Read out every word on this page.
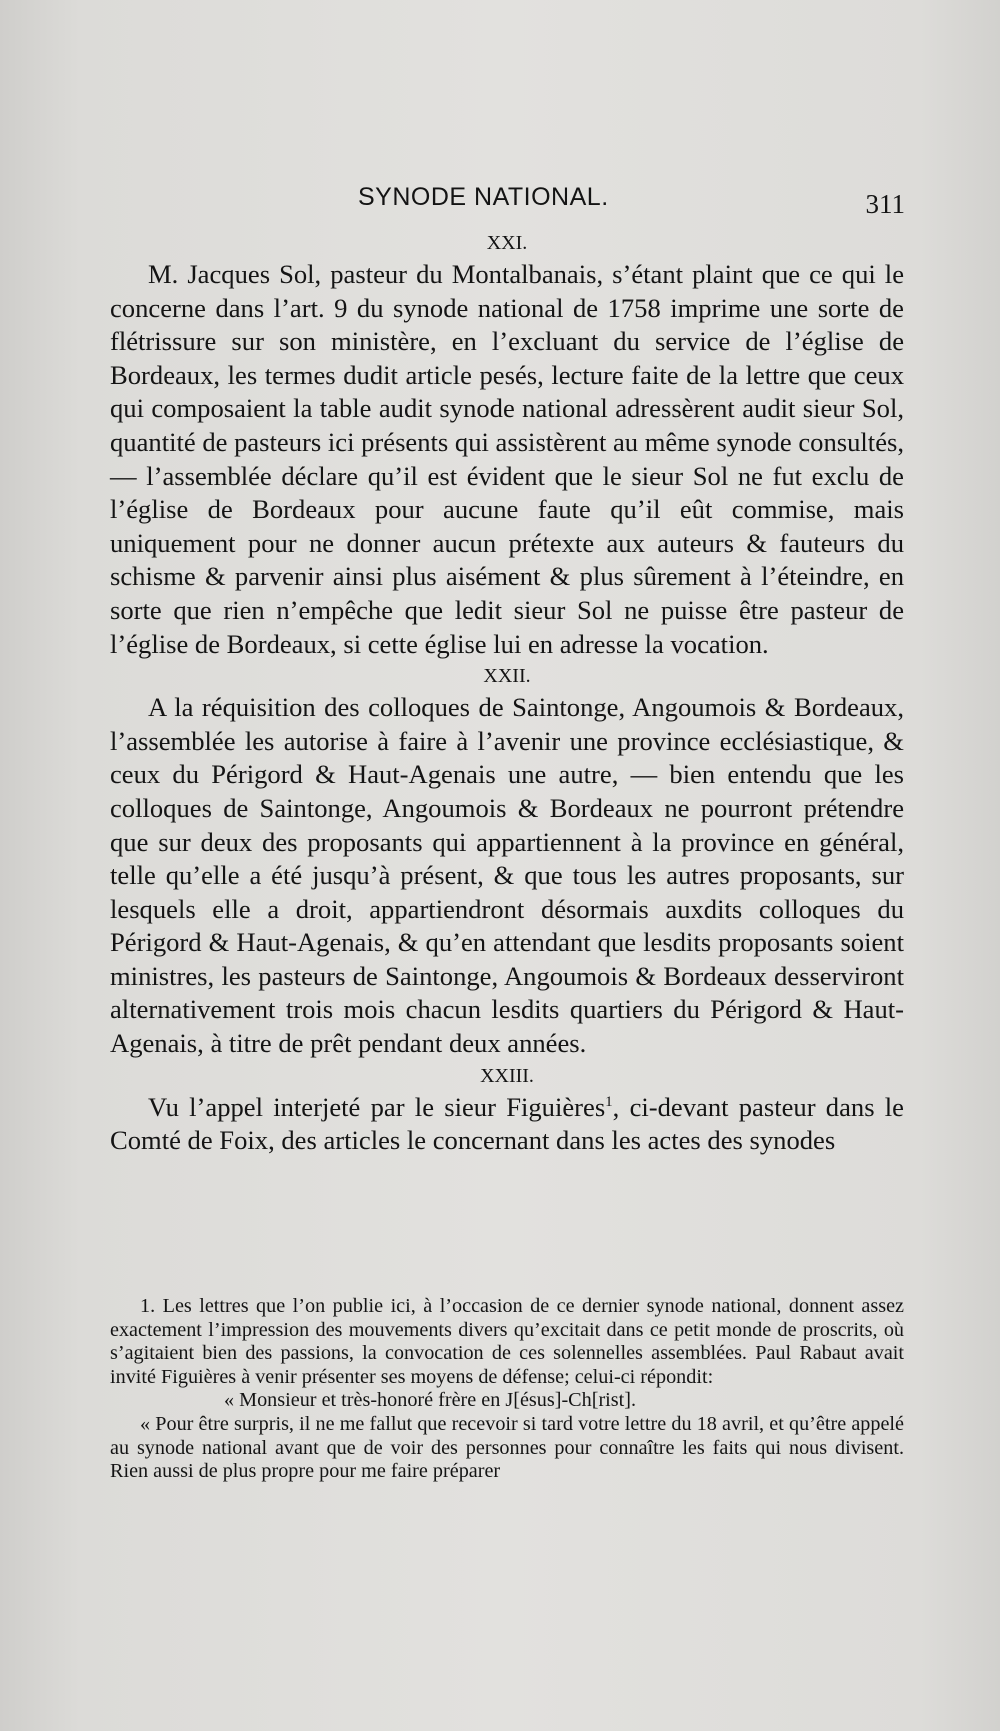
SYNODE NATIONAL.	311

XXI.

M. Jacques Sol, pasteur du Montalbanais, s’étant plaint que ce qui le concerne dans l’art. 9 du synode national de 1758 imprime une sorte de flétrissure sur son ministère, en l’excluant du service de l’église de Bordeaux, les termes dudit article pesés, lecture faite de la lettre que ceux qui composaient la table audit synode national adressèrent audit sieur Sol, quantité de pasteurs ici présents qui assistèrent au même synode consultés, — l’assemblée déclare qu’il est évident que le sieur Sol ne fut exclu de l’église de Bordeaux pour aucune faute qu’il eût commise, mais uniquement pour ne donner aucun prétexte aux auteurs & fauteurs du schisme & parvenir ainsi plus aisément & plus sûrement à l’éteindre, en sorte que rien n’empêche que ledit sieur Sol ne puisse être pasteur de l’église de Bordeaux, si cette église lui en adresse la vocation.

XXII.

A la réquisition des colloques de Saintonge, Angoumois & Bordeaux, l’assemblée les autorise à faire à l’avenir une province ecclésiastique, & ceux du Périgord & Haut-Agenais une autre, — bien entendu que les colloques de Saintonge, Angoumois & Bordeaux ne pourront prétendre que sur deux des proposants qui appartiennent à la province en général, telle qu’elle a été jusqu’à présent, & que tous les autres proposants, sur lesquels elle a droit, appartiendront désormais auxdits colloques du Périgord & Haut-Agenais, & qu’en attendant que lesdits proposants soient ministres, les pasteurs de Saintonge, Angoumois & Bordeaux desserviront alternativement trois mois chacun lesdits quartiers du Périgord & Haut-Agenais, à titre de prêt pendant deux années.

XXIII.

Vu l’appel interjeté par le sieur Figuières$^1$, ci-devant pasteur dans le Comté de Foix, des articles le concernant dans les actes des synodes

1. Les lettres que l’on publie ici, à l’occasion de ce dernier synode national, donnent assez exactement l’impression des mouvements divers qu’excitait dans ce petit monde de proscrits, où s’agitaient bien des passions, la convocation de ces solennelles assemblées. Paul Rabaut avait invité Figuières à venir présenter ses moyens de défense; celui-ci répondit:

« Monsieur et très-honoré frère en J[ésus]-Ch[rist].

« Pour être surpris, il ne me fallut que recevoir si tard votre lettre du 18 avril, et qu’être appelé au synode national avant que de voir des personnes pour connaître les faits qui nous divisent. Rien aussi de plus propre pour me faire préparer
